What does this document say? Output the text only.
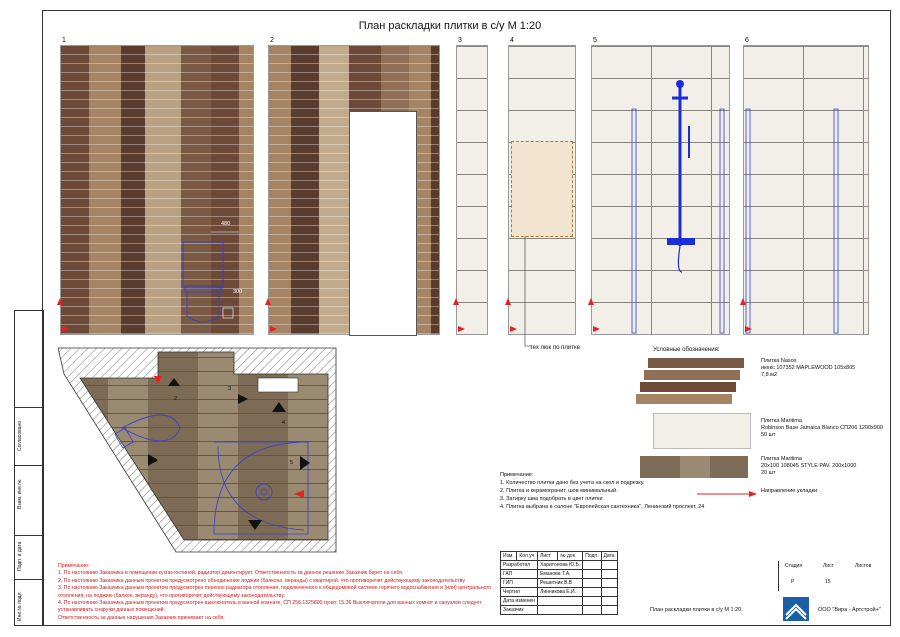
План раскладки плитки в с/у М 1:20
1	2	3	4	5	6
480
300
тех люк по плитке
2
3
4
5
1
6
Условные обозначения:
Плитка Nasos
икекс 107352 MAPLEWOOD 105x805
7,8 м2
Плитка Maritima
Robinson Base Jamaica Blanco СП206 1200x900
50 шт
Плитка Maritima
20x100 108045 STYLE PAV. 200x1000
20 шт
Направление укладки
Примечание:
1. Количество плитки дано без учета на скол и подрезку.
2. Плитка и керамогранит, шов минимальный.
3. Затирку шва подобрать в цвет плитки
4. Плитка выбрана в салоне "Европейская сантехника", Ленинский проспект, 24
Примечание:
1. По настоянию Заказчика в помещении кухни-гостиной, радиатор демонтирует. Ответственность за данное решение Заказчик берет на себя.
2. По настоянию Заказчика данным проектом предусмотрено объединение лоджии (балкона, веранды) с квартирой, что противоречит действующему законодательству.
3. По настоянию Заказчика данным проектом предусмотрен перенос радиатора отопления, подключенного к общедомовой системе горячего водоснабжения и (или) центрального отопления, на лоджию (балкон, веранду), что противоречит действующему законодательству.
4. По настоянию Заказчика данным проектом предусмотрен выключатель в ванной комнате, СП 256.1325800 пункт 15.36 Выключатели для ванных комнат и санузлов следует устанавливать снаружи данных помещений.
Ответственность за данные нарушения Заказчик принимает на себя.
Согласовано
Взам. инв.№
Подп. и дата
Инв.№ подл.
Изм.	Кол.уч	Лист	№ док	Подп.	Дата
Разработал		Харитонова Ю.Б.			
ГАП		Еманова Т.А.			
ГИП		Решетник В.В			
Чертил		Линникова Е.И.			
Дата изменен					
Заказчик					
Стадия	Лист	Листов
Р	15
План раскладки плитки в с/у М 1:20	ООО "Вира - Артстрой+"
